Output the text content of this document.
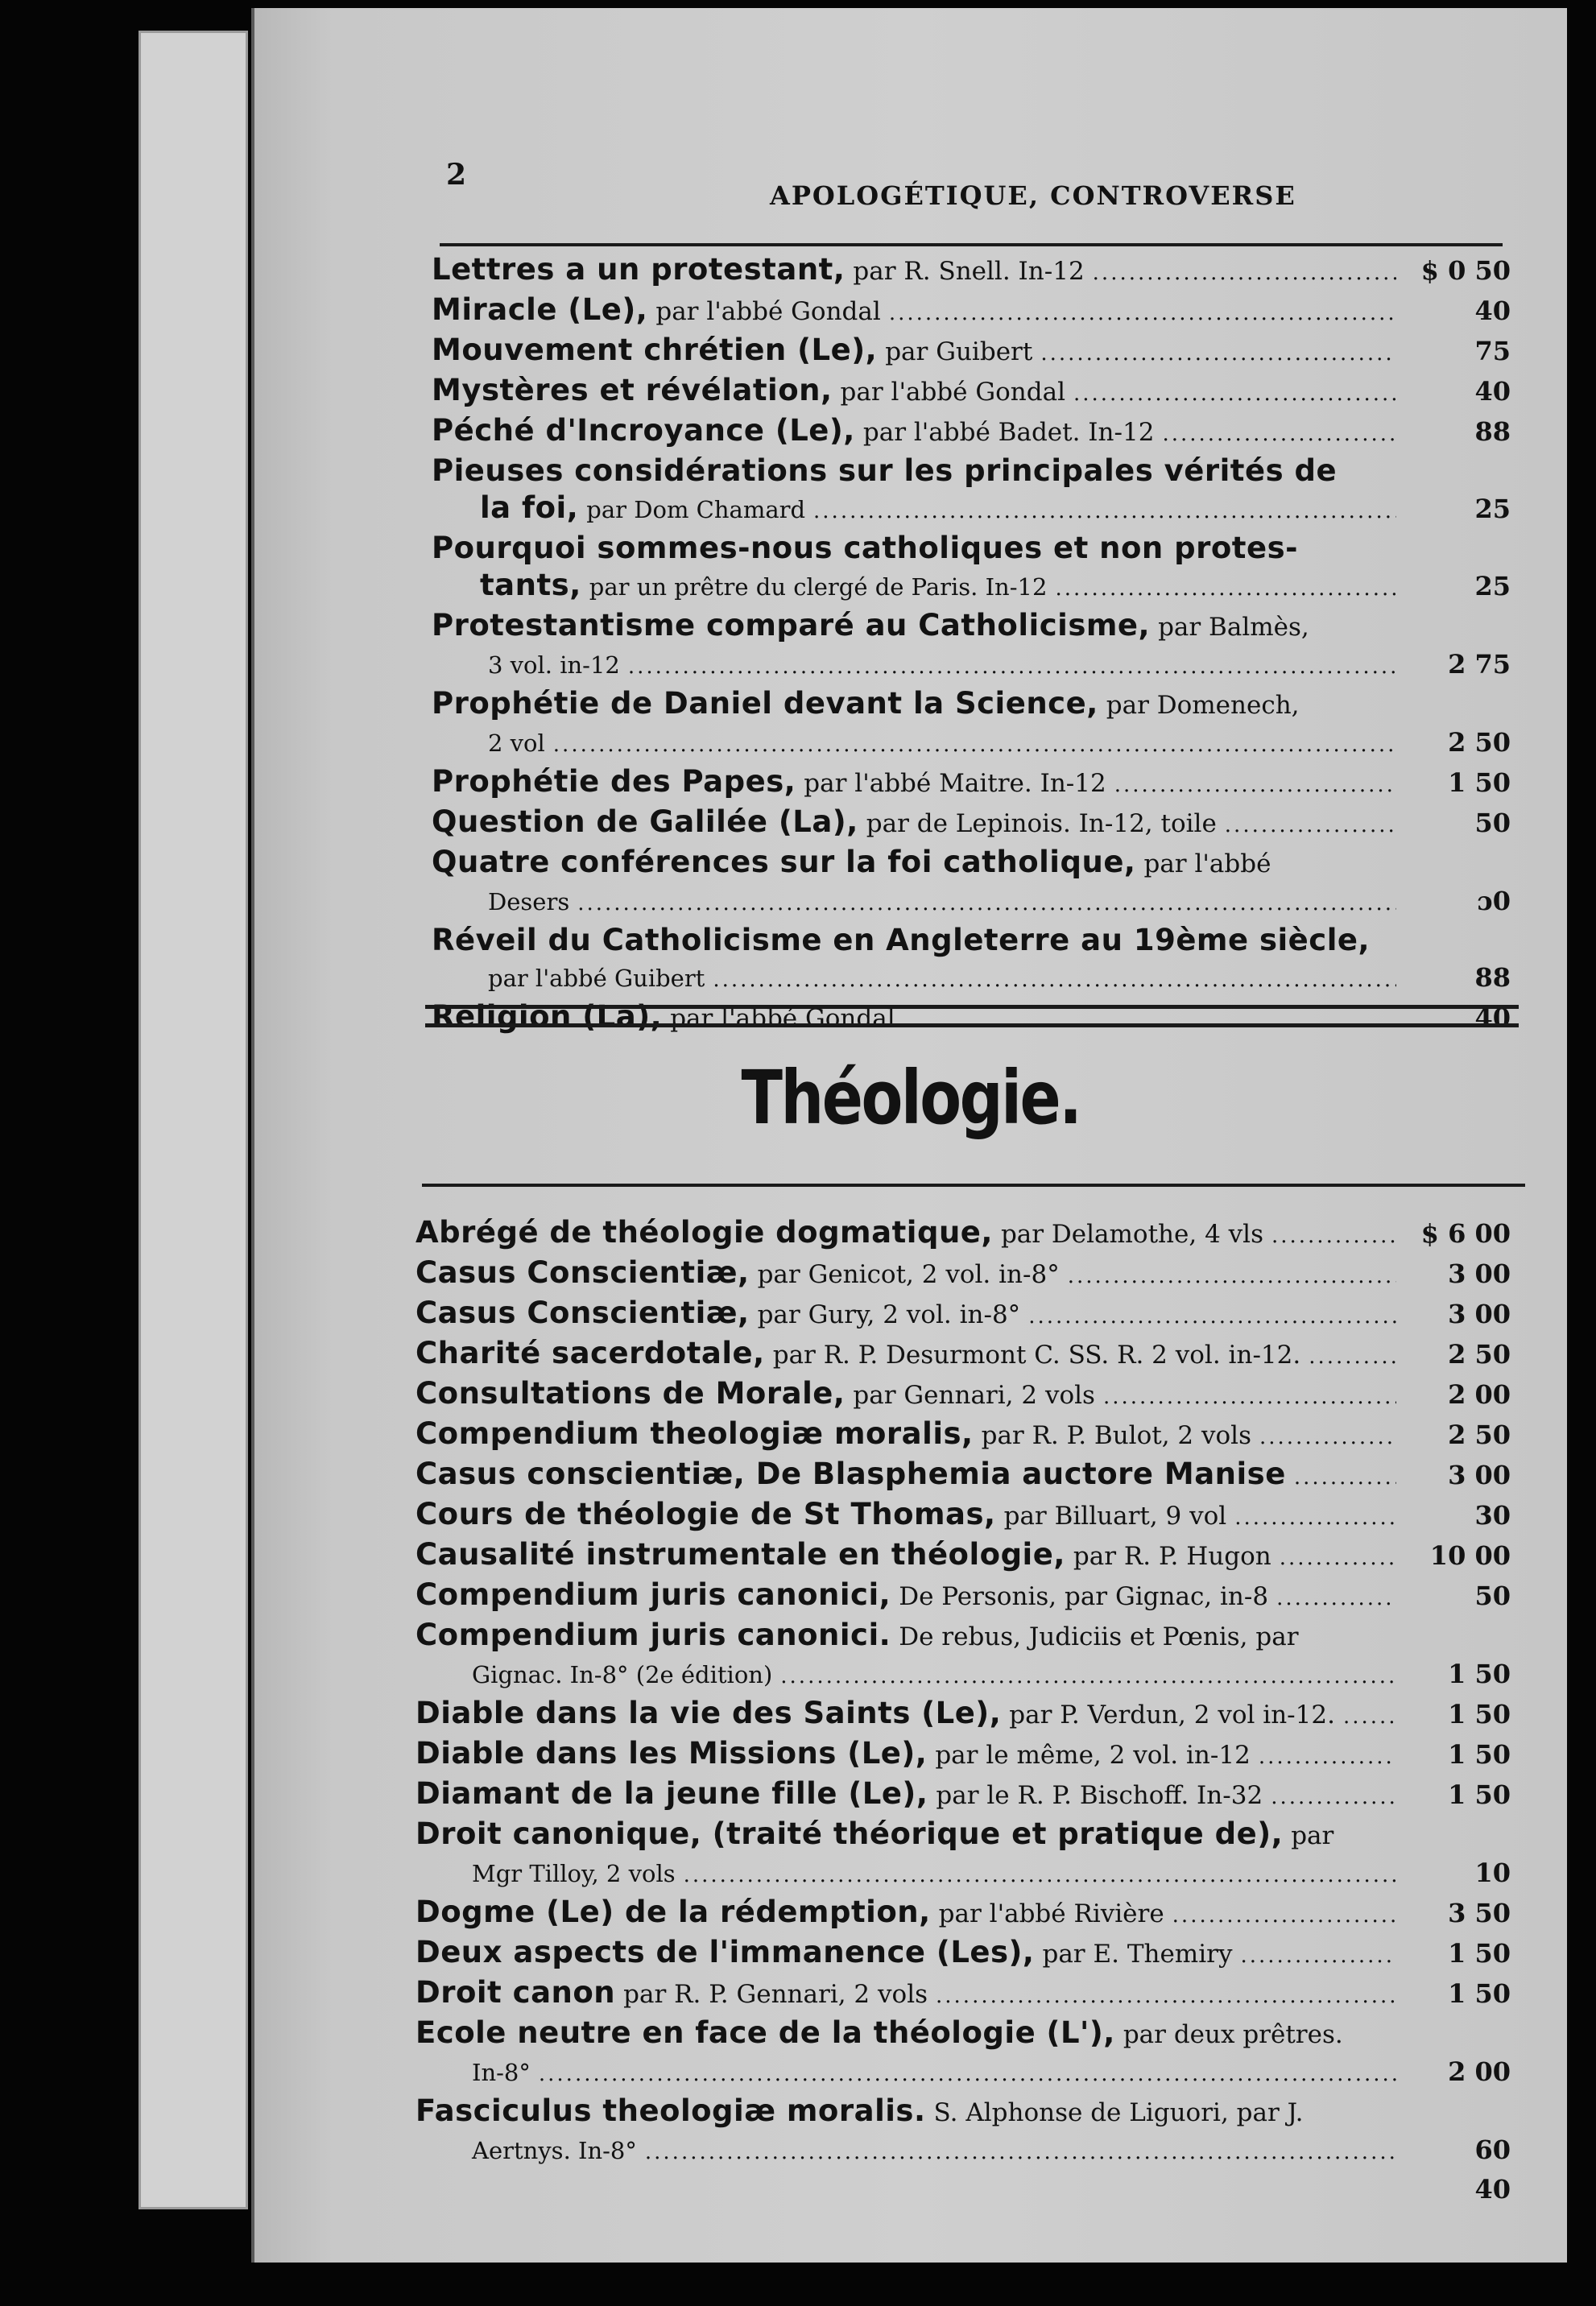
2
APOLOGÉTIQUE, CONTROVERSE
Lettres a un protestant, par R. Snell. In-12 .....	$ 0 50
Miracle (Le), par l'abbé Gondal .....	40
Mouvement chrétien (Le), par Guibert .....	75
Mystères et révélation, par l'abbé Gondal .....	40
Péché d'Incroyance (Le), par l'abbé Badet. In-12 .....	88
Pieuses considérations sur les principales vérités de
la foi, par Dom Chamard .....	25
Pourquoi sommes-nous catholiques et non protes-
tants, par un prêtre du clergé de Paris. In-12 .....	25
Protestantisme comparé au Catholicisme, par Balmès,
3 vol. in-12 .....	2 75
Prophétie de Daniel devant la Science, par Domenech,
2 vol .....	2 50
Prophétie des Papes, par l'abbé Maitre. In-12 .....	1 50
Question de Galilée (La), par de Lepinois. In-12, toile .....	50
Quatre conférences sur la foi catholique, par l'abbé
Desers .....	ɔ0
Réveil du Catholicisme en Angleterre au 19ème siècle,
par l'abbé Guibert .....	88
Religion (La), par l'abbé Gondal .....	40
Théologie.
Abrégé de théologie dogmatique, par Delamothe, 4 vls .....	$ 6 00
Casus Conscientiæ, par Genicot, 2 vol. in-8° .....	3 00
Casus Conscientiæ, par Gury, 2 vol. in-8° .....	3 00
Charité sacerdotale, par R. P. Desurmont C. SS. R. 2 vol. in-12. .....	2 50
Consultations de Morale, par Gennari, 2 vols .....	2 00
Compendium theologiæ moralis, par R. P. Bulot, 2 vols .....	2 50
Casus conscientiæ, De Blasphemia auctore Manise .....	3 00
Cours de théologie de St Thomas, par Billuart, 9 vol .....	30
Causalité instrumentale en théologie, par R. P. Hugon .....	10 00
Compendium juris canonici, De Personis, par Gignac, in-8 .....	50
Compendium juris canonici. De rebus, Judiciis et Pœnis, par
Gignac. In-8° (2e édition) .....	1 50
Diable dans la vie des Saints (Le), par P. Verdun, 2 vol in-12. .....	1 50
Diable dans les Missions (Le), par le même, 2 vol. in-12 .....	1 50
Diamant de la jeune fille (Le), par le R. P. Bischoff. In-32 .....	1 50
Droit canonique, (traité théorique et pratique de), par
Mgr Tilloy, 2 vols .....	10
Dogme (Le) de la rédemption, par l'abbé Rivière .....	3 50
Deux aspects de l'immanence (Les), par E. Themiry .....	1 50
Droit canon par R. P. Gennari, 2 vols .....	1 50
Ecole neutre en face de la théologie (L'), par deux prêtres.
In-8° .....	2 00
Fasciculus theologiæ moralis. S. Alphonse de Liguori, par J.
Aertnys. In-8° .....	60
40
